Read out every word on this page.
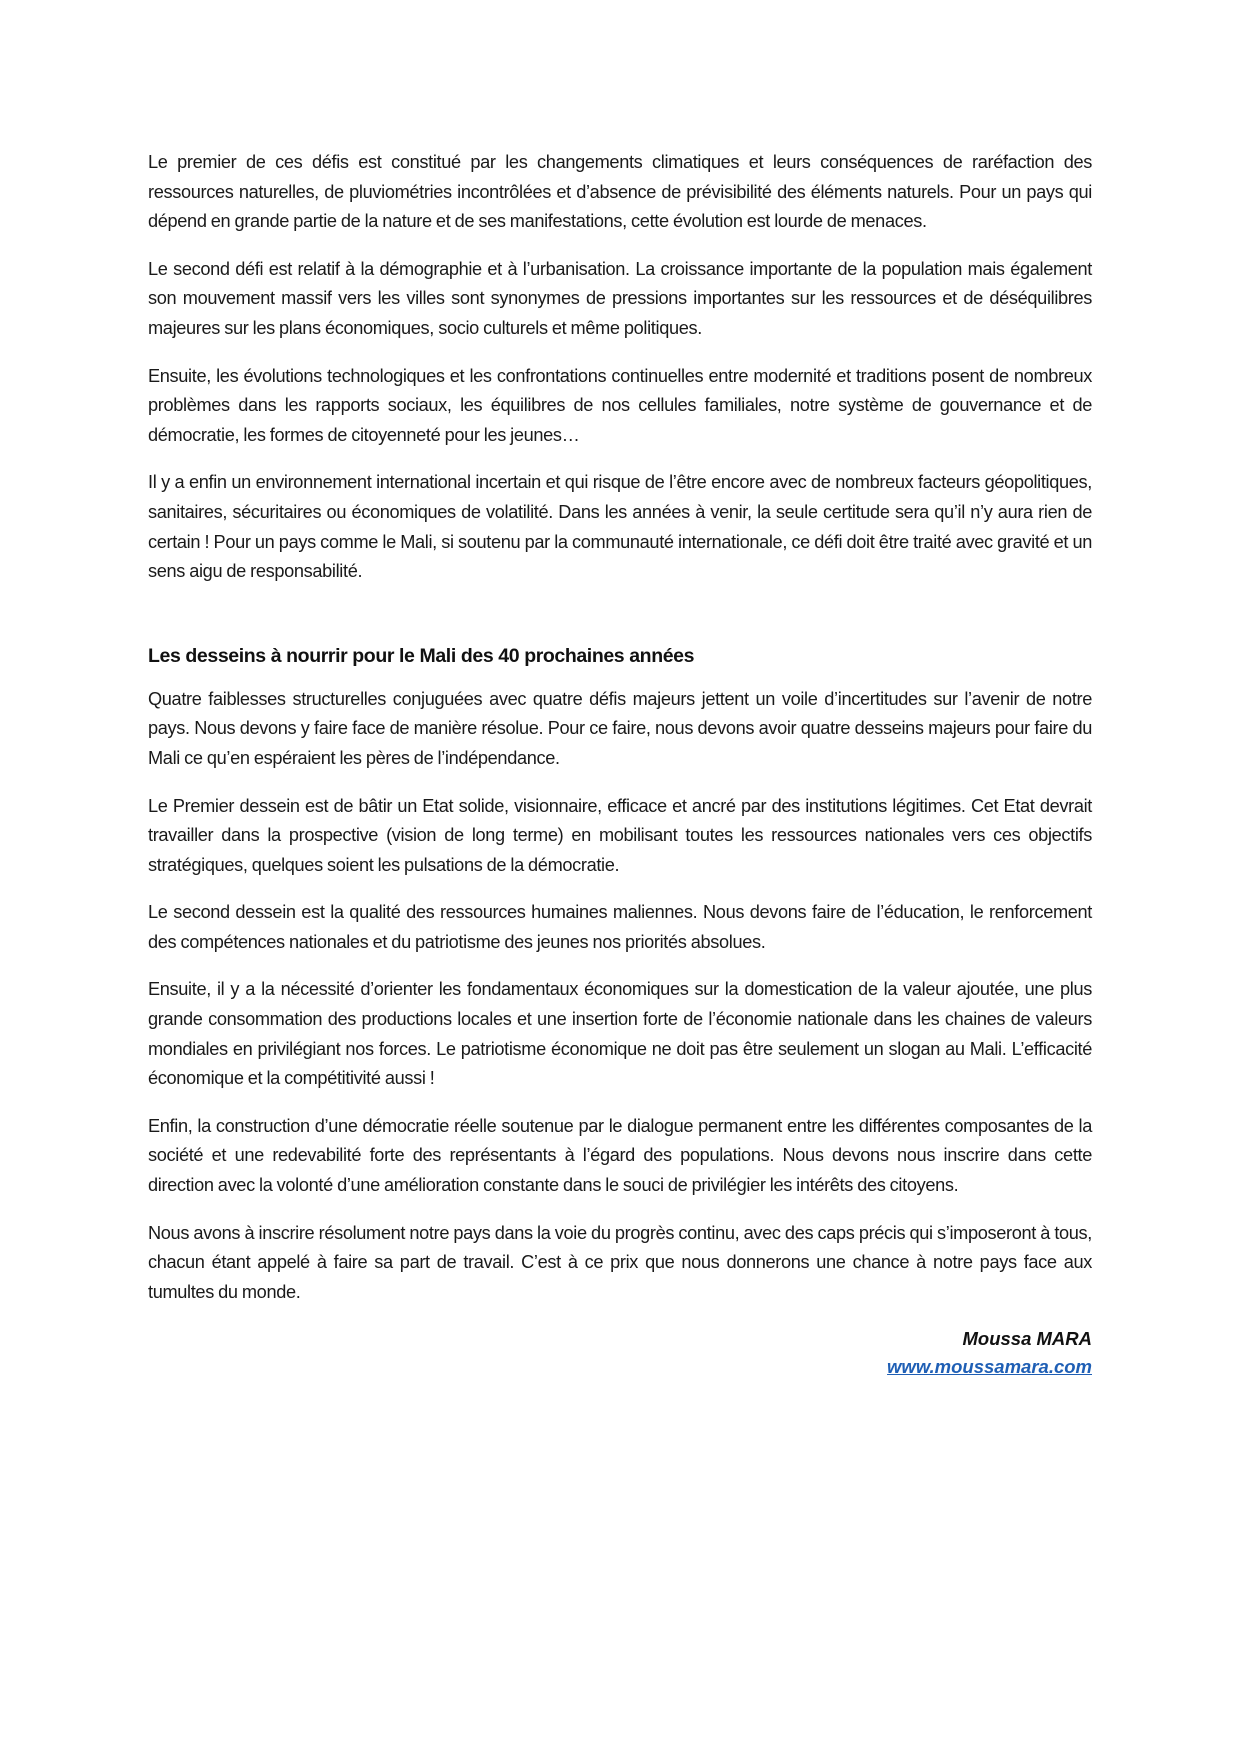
Le premier de ces défis est constitué par les changements climatiques et leurs conséquences de raréfaction des ressources naturelles, de pluviométries incontrôlées et d’absence de prévisibilité des éléments naturels. Pour un pays qui dépend en grande partie de la nature et de ses manifestations, cette évolution est lourde de menaces.

Le second défi est relatif à la démographie et à l’urbanisation. La croissance importante de la population mais également son mouvement massif vers les villes sont synonymes de pressions importantes sur les ressources et de déséquilibres majeures sur les plans économiques, socio culturels et même politiques.

Ensuite, les évolutions technologiques et les confrontations continuelles entre modernité et traditions posent de nombreux problèmes dans les rapports sociaux, les équilibres de nos cellules familiales, notre système de gouvernance et de démocratie, les formes de citoyenneté pour les jeunes…

Il y a enfin un environnement international incertain et qui risque de l’être encore avec de nombreux facteurs géopolitiques, sanitaires, sécuritaires ou économiques de volatilité. Dans les années à venir, la seule certitude sera qu’il n’y aura rien de certain ! Pour un pays comme le Mali, si soutenu par la communauté internationale, ce défi doit être traité avec gravité et un sens aigu de responsabilité.

Les desseins à nourrir pour le Mali des 40 prochaines années

Quatre faiblesses structurelles conjuguées avec quatre défis majeurs jettent un voile d’incertitudes sur l’avenir de notre pays. Nous devons y faire face de manière résolue. Pour ce faire, nous devons avoir quatre desseins majeurs pour faire du Mali ce qu’en espéraient les pères de l’indépendance.

Le Premier dessein est de bâtir un Etat solide, visionnaire, efficace et ancré par des institutions légitimes. Cet Etat devrait travailler dans la prospective (vision de long terme) en mobilisant toutes les ressources nationales vers ces objectifs stratégiques, quelques soient les pulsations de la démocratie.

Le second dessein est la qualité des ressources humaines maliennes. Nous devons faire de l’éducation, le renforcement des compétences nationales et du patriotisme des jeunes nos priorités absolues.

Ensuite, il y a la nécessité d’orienter les fondamentaux économiques sur la domestication de la valeur ajoutée, une plus grande consommation des productions locales et une insertion forte de l’économie nationale dans les chaines de valeurs mondiales en privilégiant nos forces. Le patriotisme économique ne doit pas être seulement un slogan au Mali. L’efficacité économique et la compétitivité aussi !

Enfin, la construction d’une démocratie réelle soutenue par le dialogue permanent entre les différentes composantes de la société et une redevabilité forte des représentants à l’égard des populations. Nous devons nous inscrire dans cette direction avec la volonté d’une amélioration constante dans le souci de privilégier les intérêts des citoyens.

Nous avons à inscrire résolument notre pays dans la voie du progrès continu, avec des caps précis qui s’imposeront à tous, chacun étant appelé à faire sa part de travail. C’est à ce prix que nous donnerons une chance à notre pays face aux tumultes du monde.

Moussa MARA
www.moussamara.com
